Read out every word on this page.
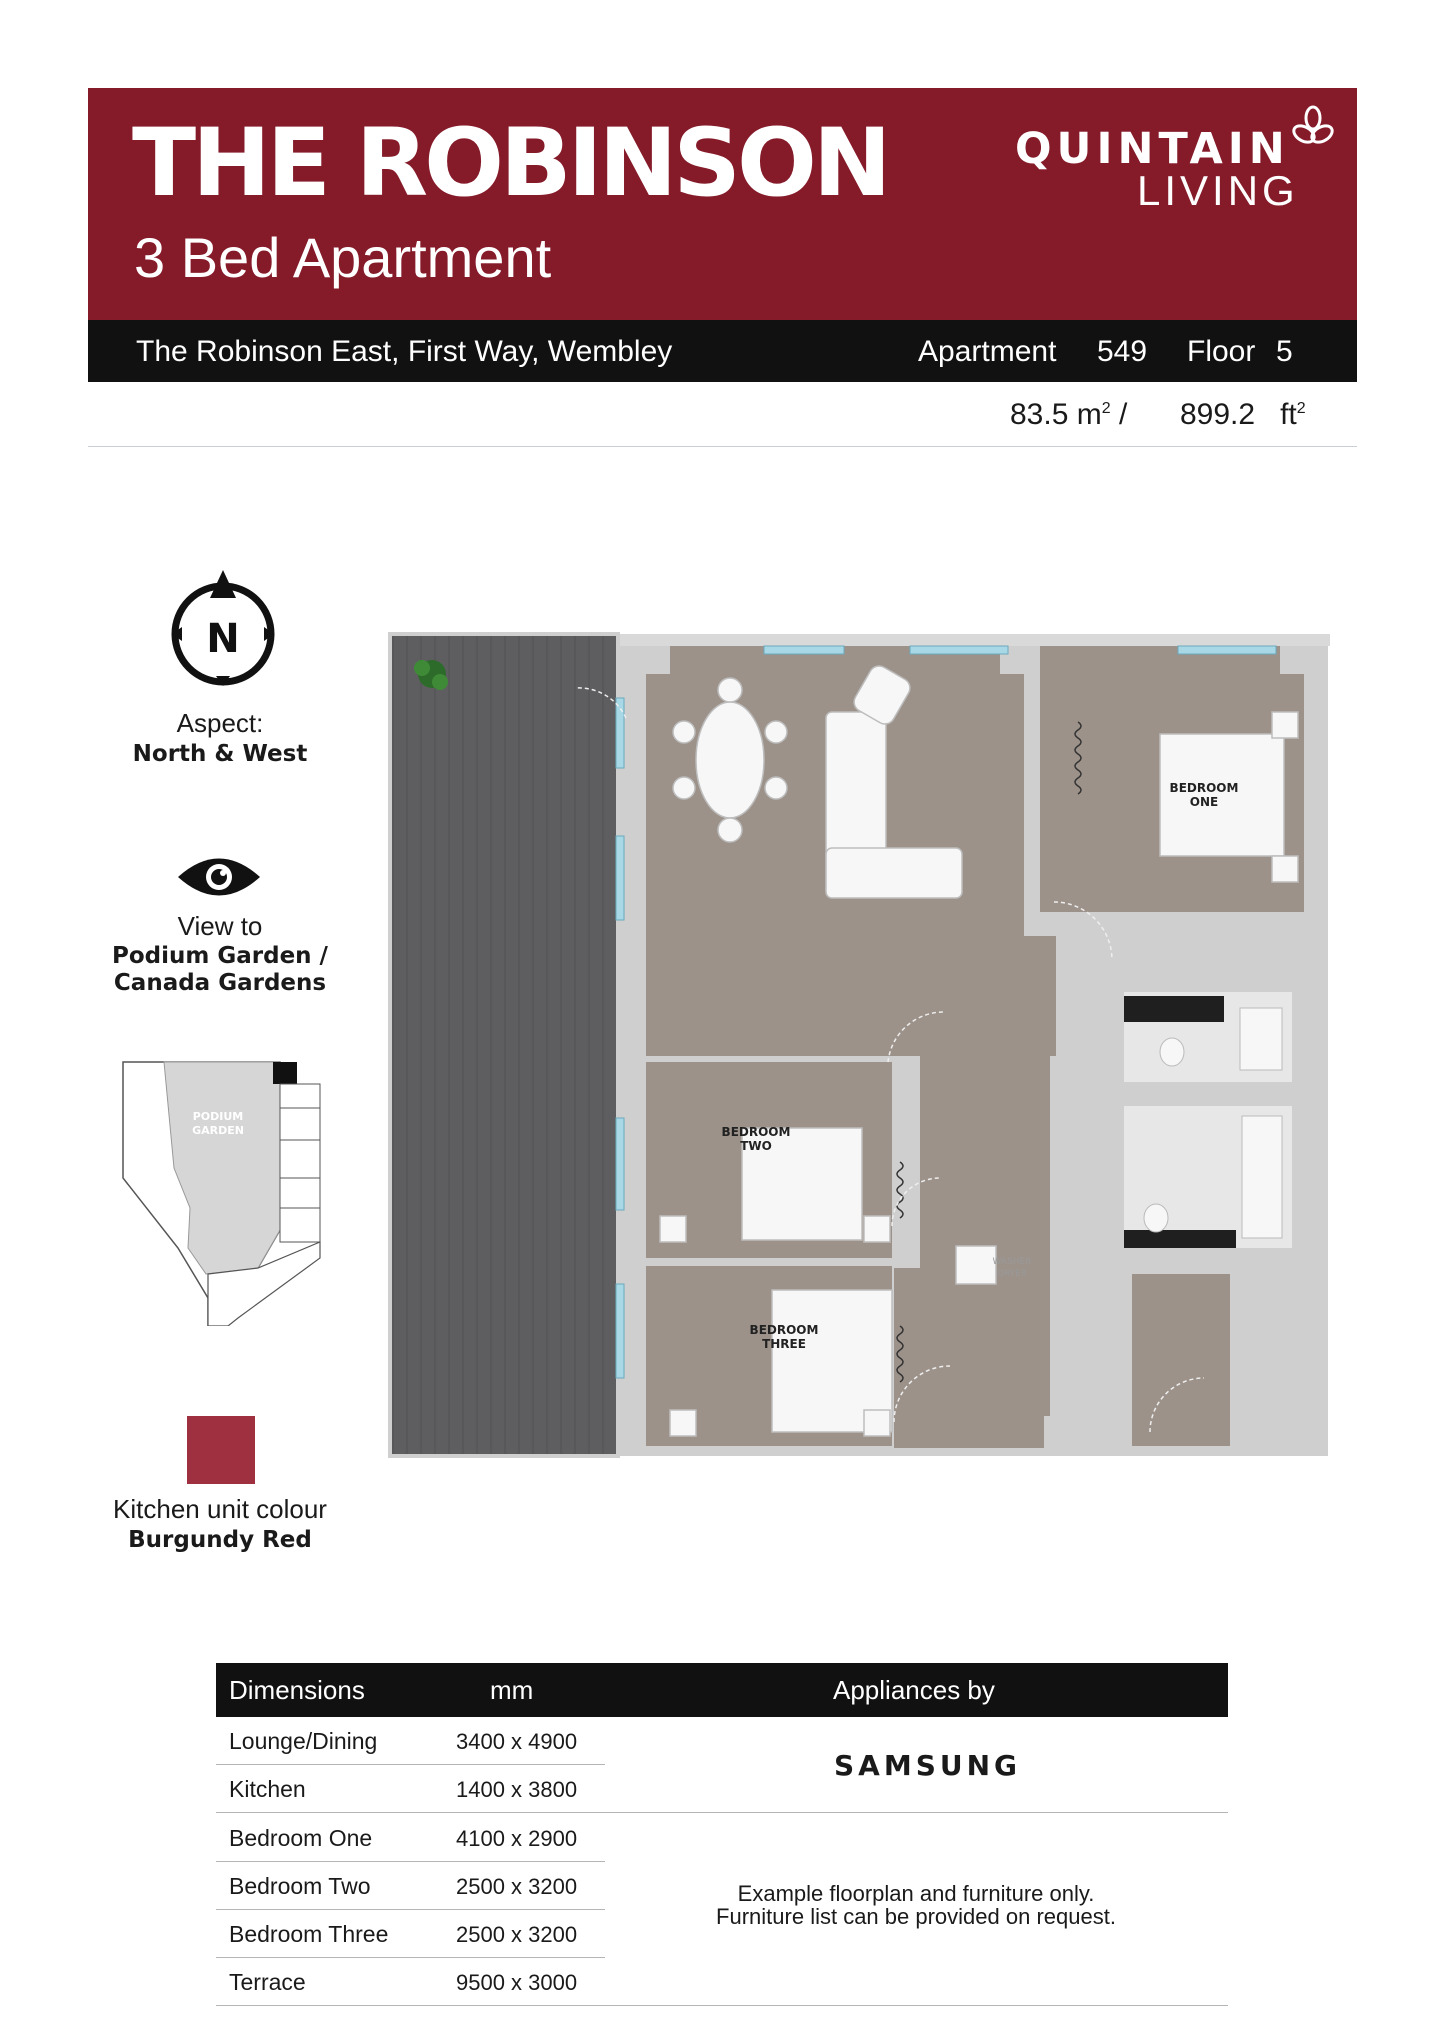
THE ROBINSON
3 Bed Apartment
QUINTAIN
LIVING
The Robinson East, First Way, Wembley	Apartment 549 Floor 5
83.5 $m^2 / 899.2$ $ft^2$
N
Aspect:
North & West
View to
Podium Garden /
Canada Gardens
PODIUM
GARDEN
Kitchen unit colour
Burgundy Red
WASHER
DRYER
BEDROOM
ONE
BEDROOM
TWO
BEDROOM
THREE
Dimensions	mm	Appliances by
Lounge/Dining	3400 x 4900
Kitchen	1400 x 3800
Bedroom One	4100 x 2900
Bedroom Two	2500 x 3200
Bedroom Three	2500 x 3200
Terrace	9500 x 3000
SAMSUNG
Example floorplan and furniture only.
Furniture list can be provided on request.
